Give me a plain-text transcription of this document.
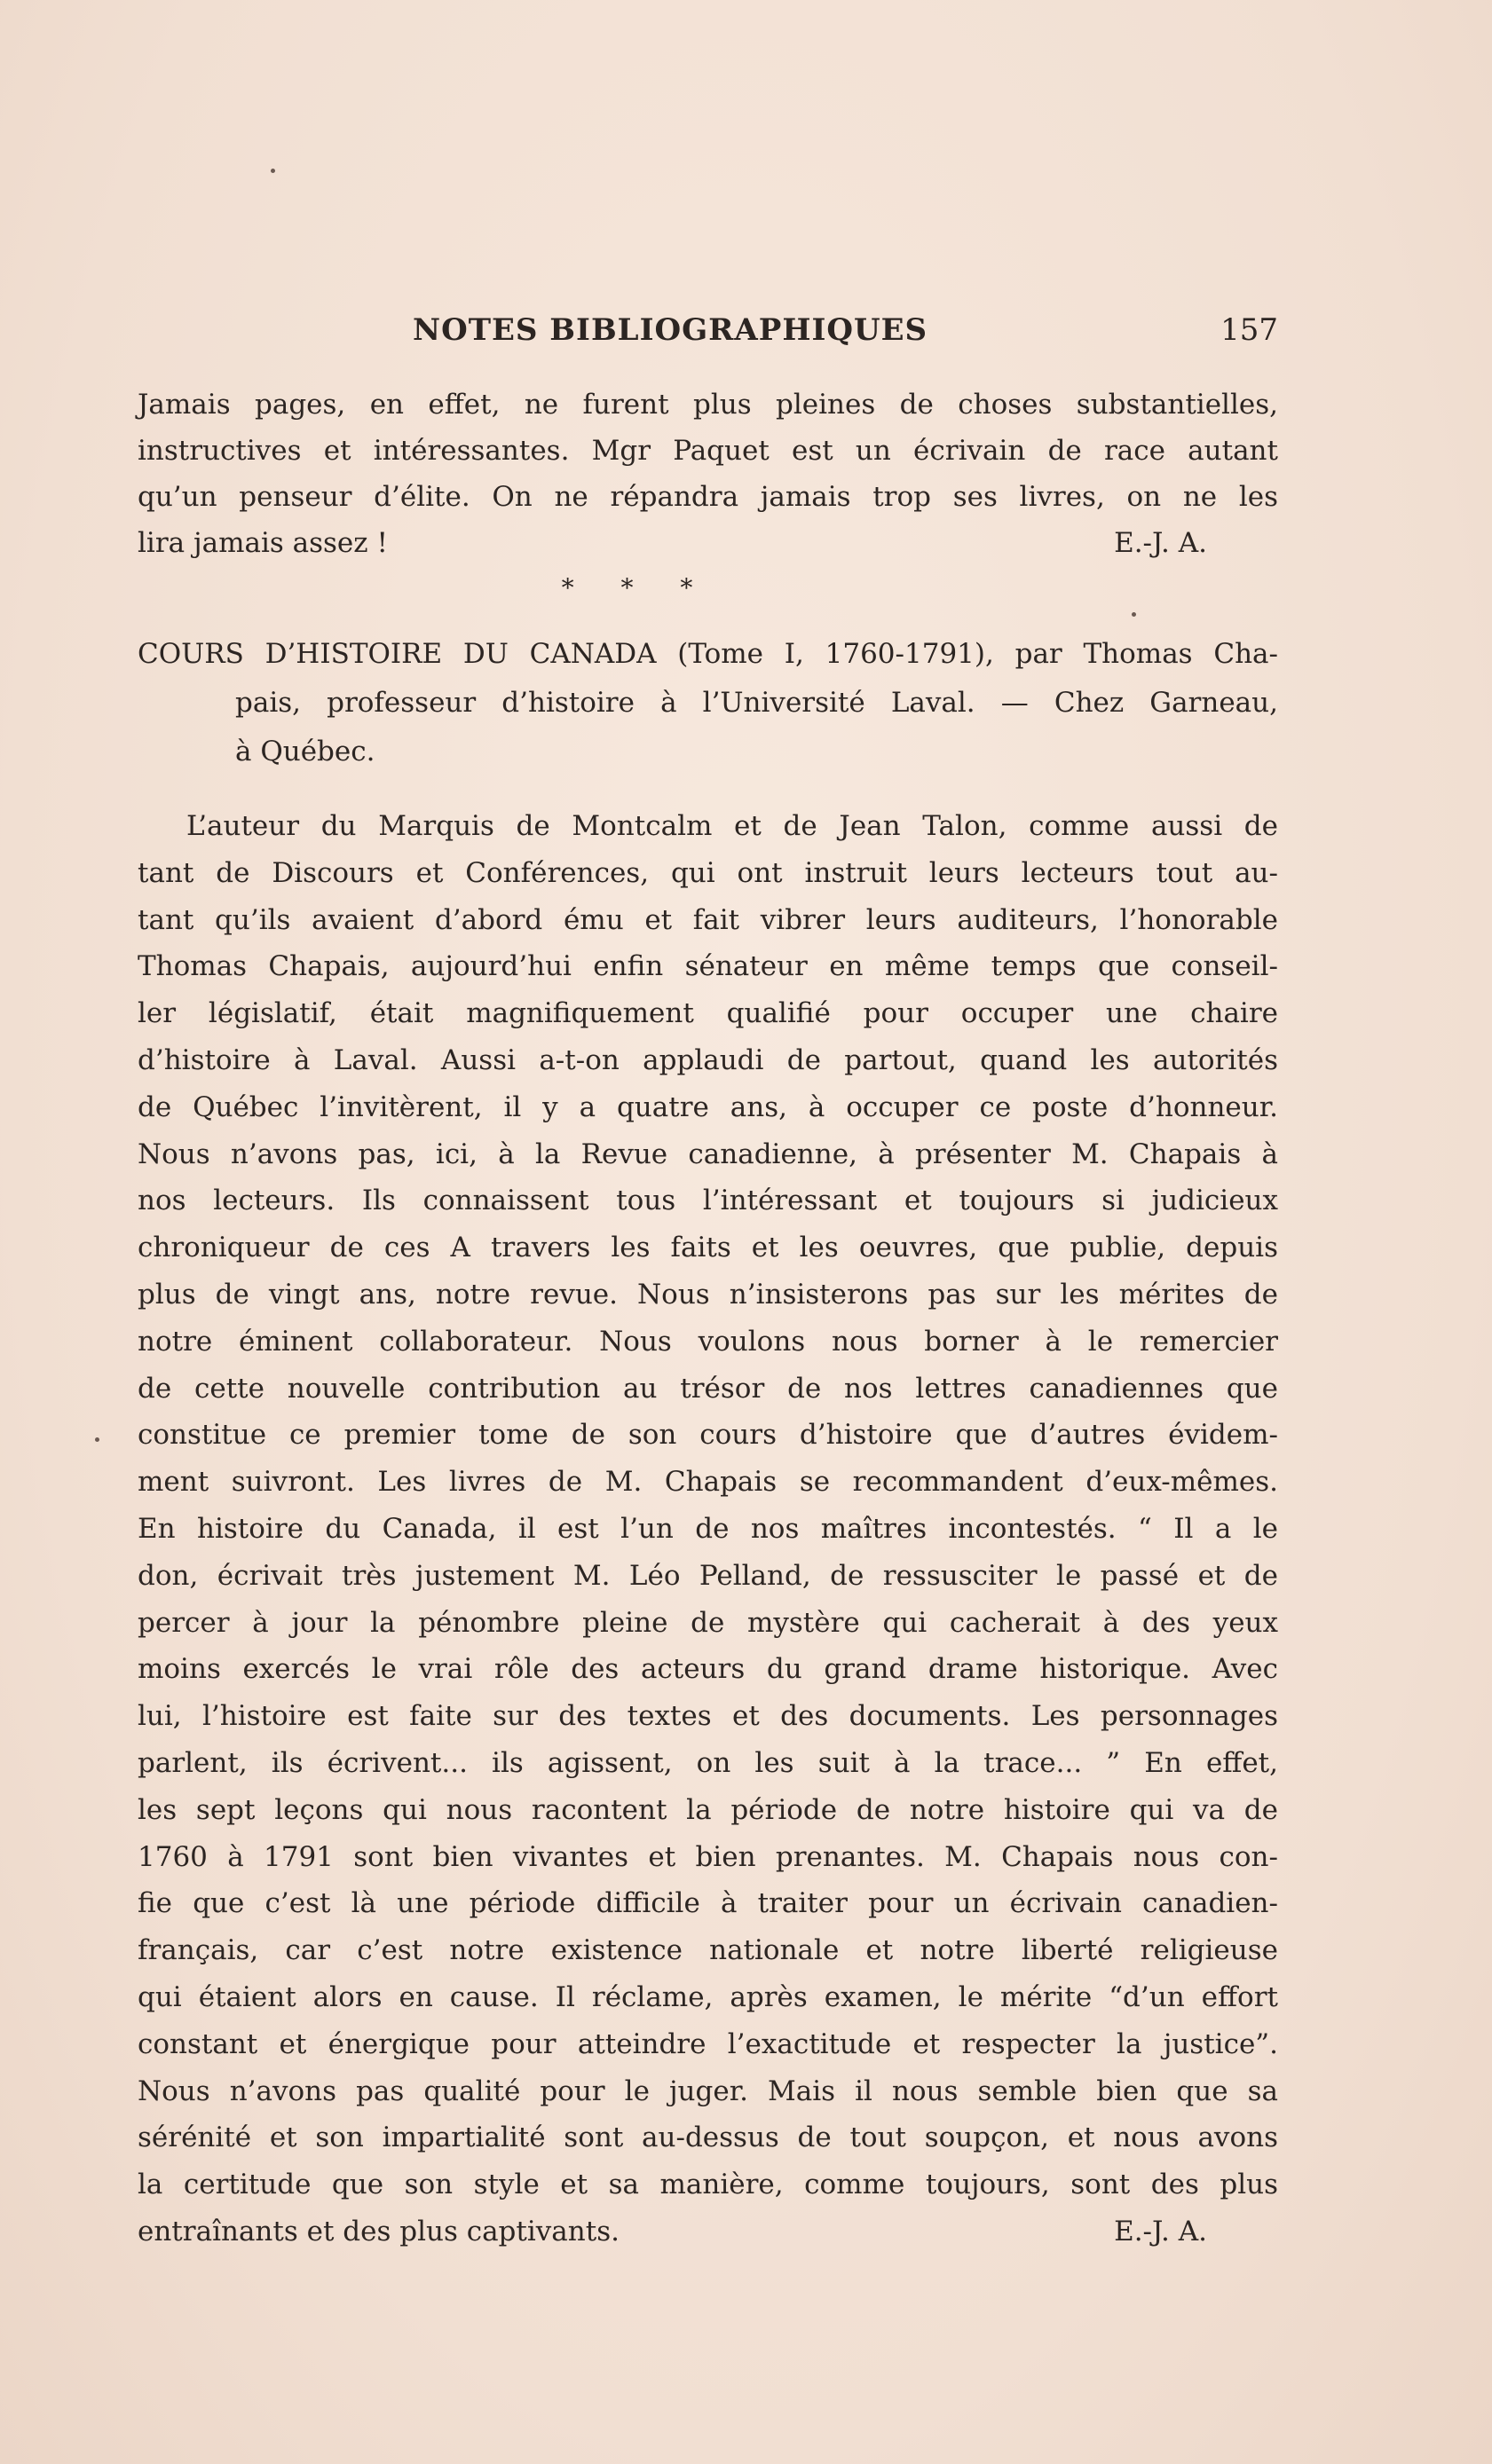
NOTES BIBLIOGRAPHIQUES	157
Jamais pages, en effet, ne furent plus pleines de choses substantielles,
instructives et intéressantes. Mgr Paquet est un écrivain de race autant
qu’un penseur d’élite. On ne répandra jamais trop ses livres, on ne les
lira jamais assez !	E.-J. A.
* * *
COURS D’HISTOIRE DU CANADA (Tome I, 1760-1791), par Thomas Cha-
pais, professeur d’histoire à l’Université Laval. — Chez Garneau,
à Québec.
L’auteur du Marquis de Montcalm et de Jean Talon, comme aussi de
tant de Discours et Conférences, qui ont instruit leurs lecteurs tout au-
tant qu’ils avaient d’abord ému et fait vibrer leurs auditeurs, l’honorable
Thomas Chapais, aujourd’hui enfin sénateur en même temps que conseil-
ler législatif, était magnifiquement qualifié pour occuper une chaire
d’histoire à Laval. Aussi a-t-on applaudi de partout, quand les autorités
de Québec l’invitèrent, il y a quatre ans, à occuper ce poste d’honneur.
Nous n’avons pas, ici, à la Revue canadienne, à présenter M. Chapais à
nos lecteurs. Ils connaissent tous l’intéressant et toujours si judicieux
chroniqueur de ces A travers les faits et les oeuvres, que publie, depuis
plus de vingt ans, notre revue. Nous n’insisterons pas sur les mérites de
notre éminent collaborateur. Nous voulons nous borner à le remercier
de cette nouvelle contribution au trésor de nos lettres canadiennes que
constitue ce premier tome de son cours d’histoire que d’autres évidem-
ment suivront. Les livres de M. Chapais se recommandent d’eux-mêmes.
En histoire du Canada, il est l’un de nos maîtres incontestés. “ Il a le
don, écrivait très justement M. Léo Pelland, de ressusciter le passé et de
percer à jour la pénombre pleine de mystère qui cacherait à des yeux
moins exercés le vrai rôle des acteurs du grand drame historique. Avec
lui, l’histoire est faite sur des textes et des documents. Les personnages
parlent, ils écrivent... ils agissent, on les suit à la trace... ” En effet,
les sept leçons qui nous racontent la période de notre histoire qui va de
1760 à 1791 sont bien vivantes et bien prenantes. M. Chapais nous con-
fie que c’est là une période difficile à traiter pour un écrivain canadien-
français, car c’est notre existence nationale et notre liberté religieuse
qui étaient alors en cause. Il réclame, après examen, le mérite “d’un effort
constant et énergique pour atteindre l’exactitude et respecter la justice”.
Nous n’avons pas qualité pour le juger. Mais il nous semble bien que sa
sérénité et son impartialité sont au-dessus de tout soupçon, et nous avons
la certitude que son style et sa manière, comme toujours, sont des plus
entraînants et des plus captivants.	E.-J. A.
